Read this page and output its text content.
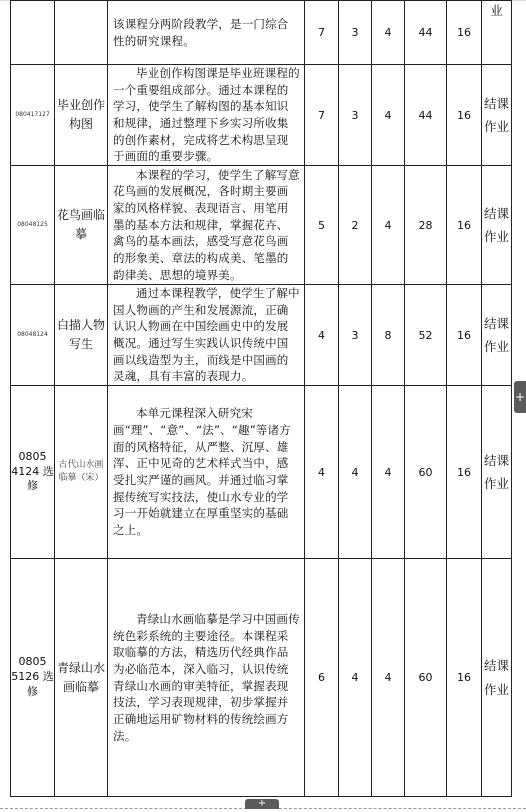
		该课程分两阶段教学，是一门综合性的研究课程。	7	3	4	44	16	业
080417127	毕业创作构图	毕业创作构图课是毕业班课程的一个重要组成部分。通过本课程的学习，使学生了解构图的基本知识和规律，通过整理下乡实习所收集的创作素材，完成将艺术构思呈现于画面的重要步骤。	7	3	4	44	16	结课作业
08048125	花鸟画临摹	本课程的学习，使学生了解写意花鸟画的发展概况，各时期主要画家的风格样貌、表现语言、用笔用墨的基本方法和规律，掌握花卉、禽鸟的基本画法，感受写意花鸟画的形象美、章法的构成美、笔墨的韵律美、思想的境界美。	5	2	4	28	16	结课作业
08048124	白描人物写生	通过本课程教学，使学生了解中国人物画的产生和发展源流，正确认识人物画在中国绘画史中的发展概况。通过写生实践认识传统中国画以线造型为主，而线是中国画的灵魂，具有丰富的表现力。	4	3	8	52	16	结课作业
0805 4124 选修	古代山水画临摹（宋）	本单元课程深入研究宋画“理”、“意”、“法”、“趣”等诸方面的风格特征，从严整、沉厚、雄浑、正中见奇的艺术样式当中，感受扎实严谨的画风。并通过临习掌握传统写实技法，使山水专业的学习一开始就建立在厚重坚实的基础之上。	4	4	4	60	16	结课作业
0805 5126 选修	青绿山水画临摹	青绿山水画临摹是学习中国画传统色彩系统的主要途径。本课程采取临摹的方法，精选历代经典作品为必临范本，深入临习，认识传统青绿山水画的审美特征，掌握表现技法，学习表现规律，初步掌握并正确地运用矿物材料的传统绘画方法。	6	4	4	60	16	结课作业
+
+
